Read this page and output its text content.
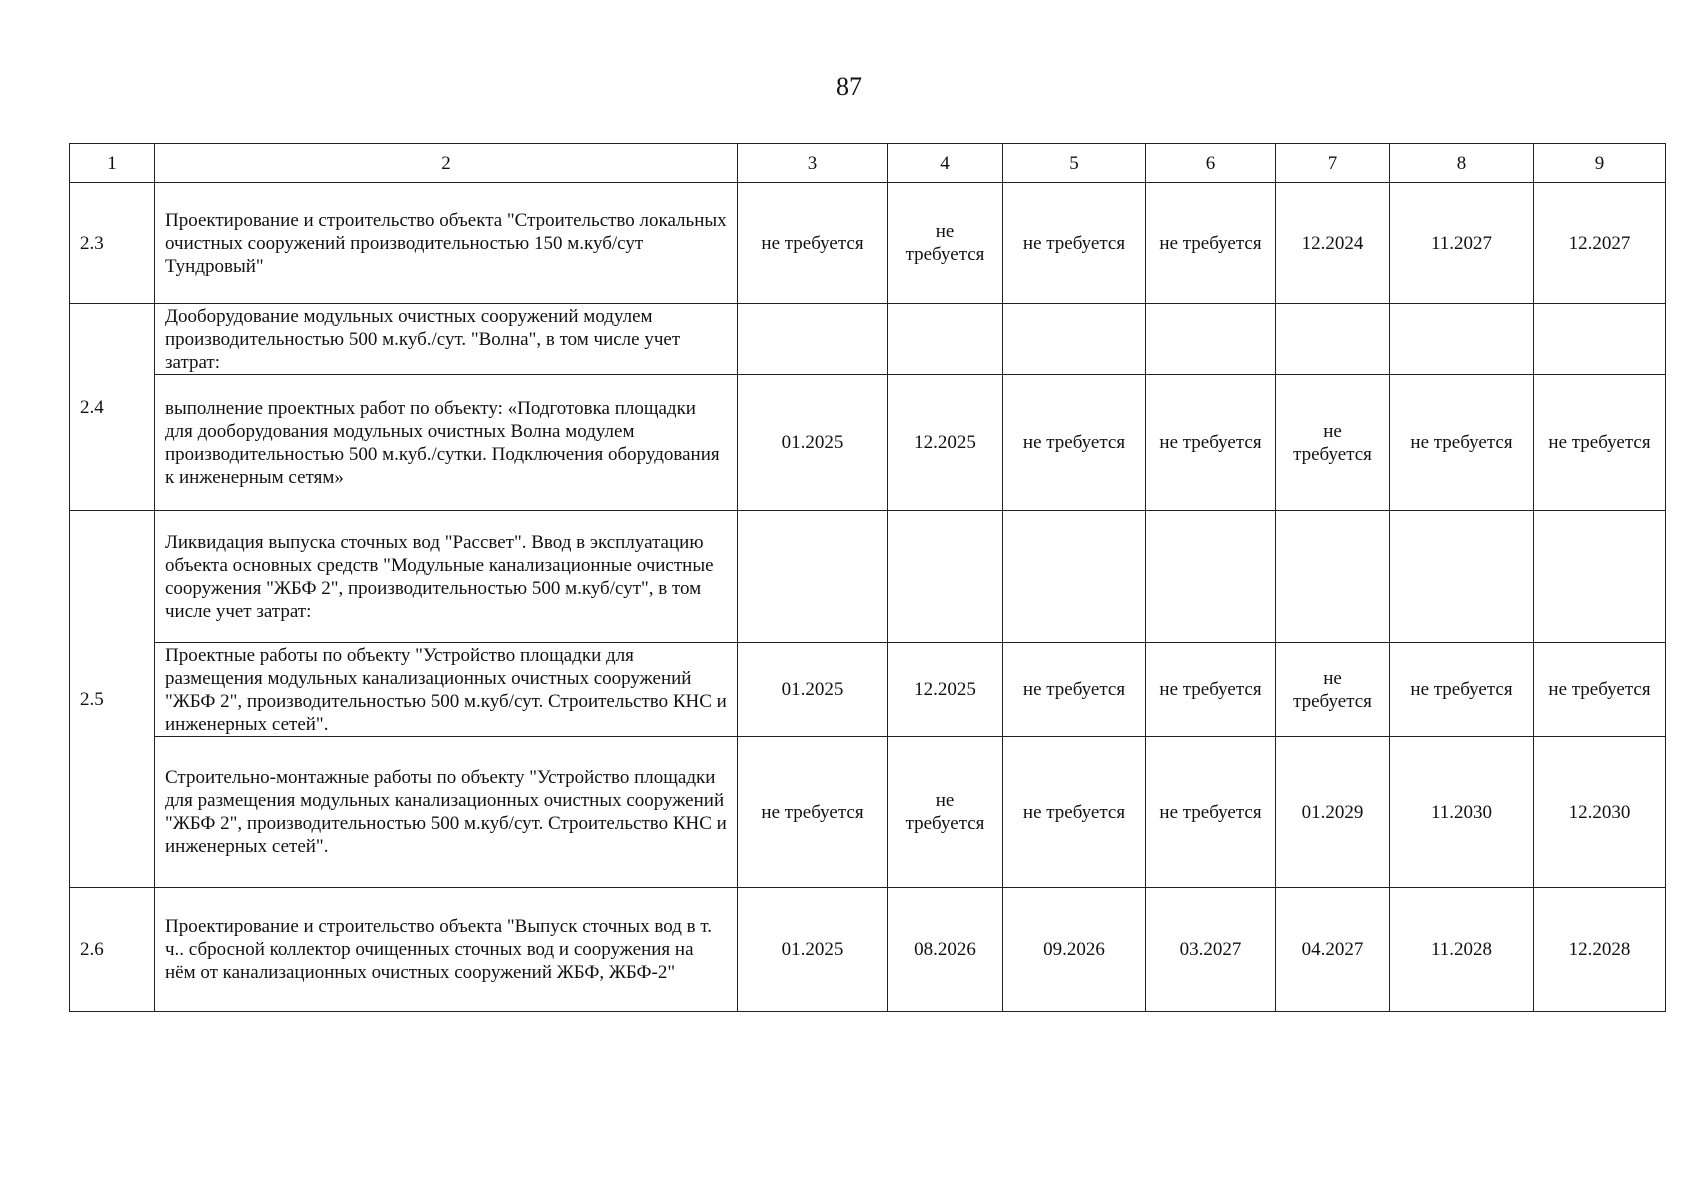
87
1	2	3	4	5	6	7	8	9
2.3	Проектирование и строительство объекта "Строительство локальных очистных сооружений производительностью 150 м.куб/сут Тундровый"	не требуется	не требуется	не требуется	не требуется	12.2024	11.2027	12.2027
2.4	Дооборудование модульных очистных сооружений модулем производительностью 500 м.куб./сут. "Волна", в том числе учет затрат:							
	выполнение проектных работ по объекту: «Подготовка площадки для дооборудования модульных очистных Волна модулем производительностью 500 м.куб./сутки. Подключения оборудования к инженерным сетям»	01.2025	12.2025	не требуется	не требуется	не требуется	не требуется	не требуется
2.5	Ликвидация выпуска сточных вод "Рассвет". Ввод в эксплуатацию объекта основных средств "Модульные канализационные очистные сооружения "ЖБФ 2", производительностью 500 м.куб/сут", в том числе учет затрат:							
	Проектные работы по объекту "Устройство площадки для размещения модульных канализационных очистных сооружений "ЖБФ 2", производительностью 500 м.куб/сут. Строительство КНС и инженерных сетей".	01.2025	12.2025	не требуется	не требуется	не требуется	не требуется	не требуется
	Строительно-монтажные работы по объекту "Устройство площадки для размещения модульных канализационных очистных сооружений "ЖБФ 2", производительностью 500 м.куб/сут. Строительство КНС и инженерных сетей".	не требуется	не требуется	не требуется	не требуется	01.2029	11.2030	12.2030
2.6	Проектирование и строительство объекта "Выпуск сточных вод в т. ч.. сбросной коллектор очищенных сточных вод и сооружения на нём от канализационных очистных сооружений ЖБФ, ЖБФ-2"	01.2025	08.2026	09.2026	03.2027	04.2027	11.2028	12.2028
